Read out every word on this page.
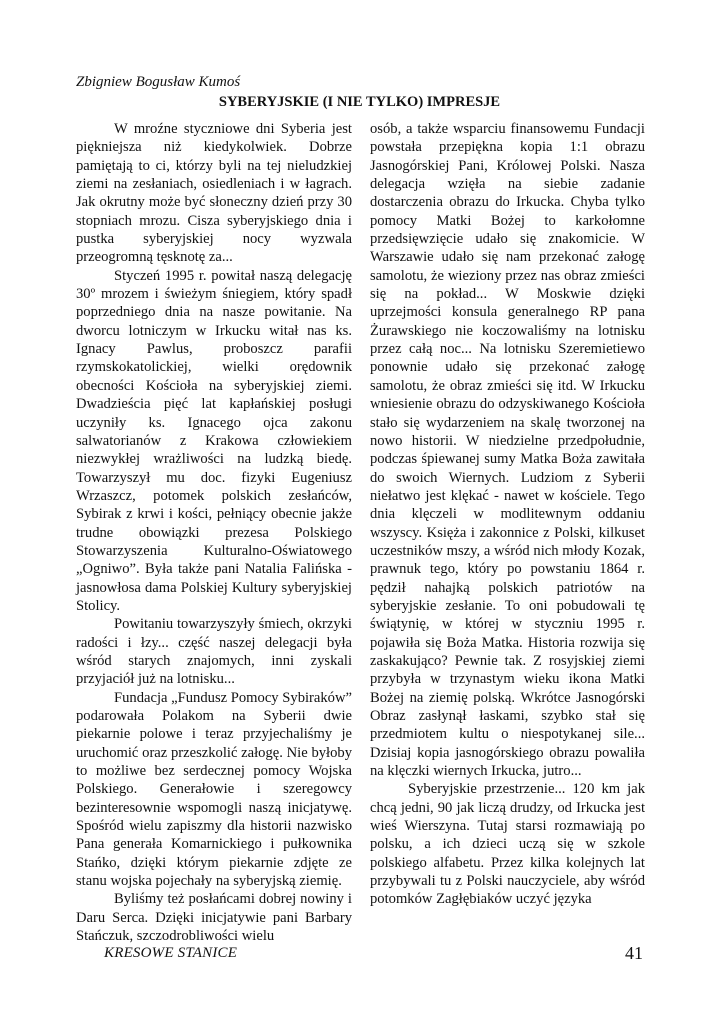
Zbigniew Bogusław Kumoś
SYBERYJSKIE (I NIE TYLKO) IMPRESJE

W mroźne styczniowe dni Syberia jest piękniejsza niż kiedykolwiek. Dobrze pamiętają to ci, którzy byli na tej nieludzkiej ziemi na zesłaniach, osiedleniach i w łagrach. Jak okrutny może być słoneczny dzień przy 30 stopniach mrozu. Cisza syberyjskiego dnia i pustka syberyjskiej nocy wyzwala przeogromną tęsknotę za...

Styczeń 1995 r. powitał naszą delegację 30º mrozem i świeżym śniegiem, który spadł poprzedniego dnia na nasze powitanie. Na dworcu lotniczym w Irkucku witał nas ks. Ignacy Pawlus, proboszcz parafii rzymskokatolickiej, wielki orędownik obecności Kościoła na syberyjskiej ziemi. Dwadzieścia pięć lat kapłańskiej posługi uczyniły ks. Ignacego ojca zakonu salwatorianów z Krakowa człowiekiem niezwykłej wrażliwości na ludzką biedę. Towarzyszył mu doc. fizyki Eugeniusz Wrzaszcz, potomek polskich zesłańców, Sybirak z krwi i kości, pełniący obecnie jakże trudne obowiązki prezesa Polskiego Stowarzyszenia Kulturalno-Oświatowego „Ogniwo”. Była także pani Natalia Falińska - jasnowłosa dama Polskiej Kultury syberyjskiej Stolicy.

Powitaniu towarzyszyły śmiech, okrzyki radości i łzy... część naszej delegacji była wśród starych znajomych, inni zyskali przyjaciół już na lotnisku...

Fundacja „Fundusz Pomocy Sybiraków” podarowała Polakom na Syberii dwie piekarnie polowe i teraz przyjechaliśmy je uruchomić oraz przeszkolić załogę. Nie byłoby to możliwe bez serdecznej pomocy Wojska Polskiego. Generałowie i szeregowcy bezinteresownie wspomogli naszą inicjatywę. Spośród wielu zapiszmy dla historii nazwisko Pana generała Komarnickiego i pułkownika Stańko, dzięki którym piekarnie zdjęte ze stanu wojska pojechały na syberyjską ziemię.

Byliśmy też posłańcami dobrej nowiny i Daru Serca. Dzięki inicjatywie pani Barbary Stańczuk, szczodrobliwości wielu

osób, a także wsparciu finansowemu Fundacji powstała przepiękna kopia 1:1 obrazu Jasnogórskiej Pani, Królowej Polski. Nasza delegacja wzięła na siebie zadanie dostarczenia obrazu do Irkucka. Chyba tylko pomocy Matki Bożej to karkołomne przedsięwzięcie udało się znakomicie. W Warszawie udało się nam przekonać załogę samolotu, że wieziony przez nas obraz zmieści się na pokład... W Moskwie dzięki uprzejmości konsula generalnego RP pana Żurawskiego nie koczowaliśmy na lotnisku przez całą noc... Na lotnisku Szeremietiewo ponownie udało się przekonać załogę samolotu, że obraz zmieści się itd. W Irkucku wniesienie obrazu do odzyskiwanego Kościoła stało się wydarzeniem na skalę tworzonej na nowo historii. W niedzielne przedpołudnie, podczas śpiewanej sumy Matka Boża zawitała do swoich Wiernych. Ludziom z Syberii niełatwo jest klękać - nawet w kościele. Tego dnia klęczeli w modlitewnym oddaniu wszyscy. Księża i zakonnice z Polski, kilkuset uczestników mszy, a wśród nich młody Kozak, prawnuk tego, który po powstaniu 1864 r. pędził nahajką polskich patriotów na syberyjskie zesłanie. To oni pobudowali tę świątynię, w której w styczniu 1995 r. pojawiła się Boża Matka. Historia rozwija się zaskakująco? Pewnie tak. Z rosyjskiej ziemi przybyła w trzynastym wieku ikona Matki Bożej na ziemię polską. Wkrótce Jasnogórski Obraz zasłynął łaskami, szybko stał się przedmiotem kultu o niespotykanej sile... Dzisiaj kopia jasnogórskiego obrazu powaliła na klęczki wiernych Irkucka, jutro...

Syberyjskie przestrzenie... 120 km jak chcą jedni, 90 jak liczą drudzy, od Irkucka jest wieś Wierszyna. Tutaj starsi rozmawiają po polsku, a ich dzieci uczą się w szkole polskiego alfabetu. Przez kilka kolejnych lat przybywali tu z Polski nauczyciele, aby wśród potomków Zagłębiaków uczyć języka

KRESOWE STANICE	41
